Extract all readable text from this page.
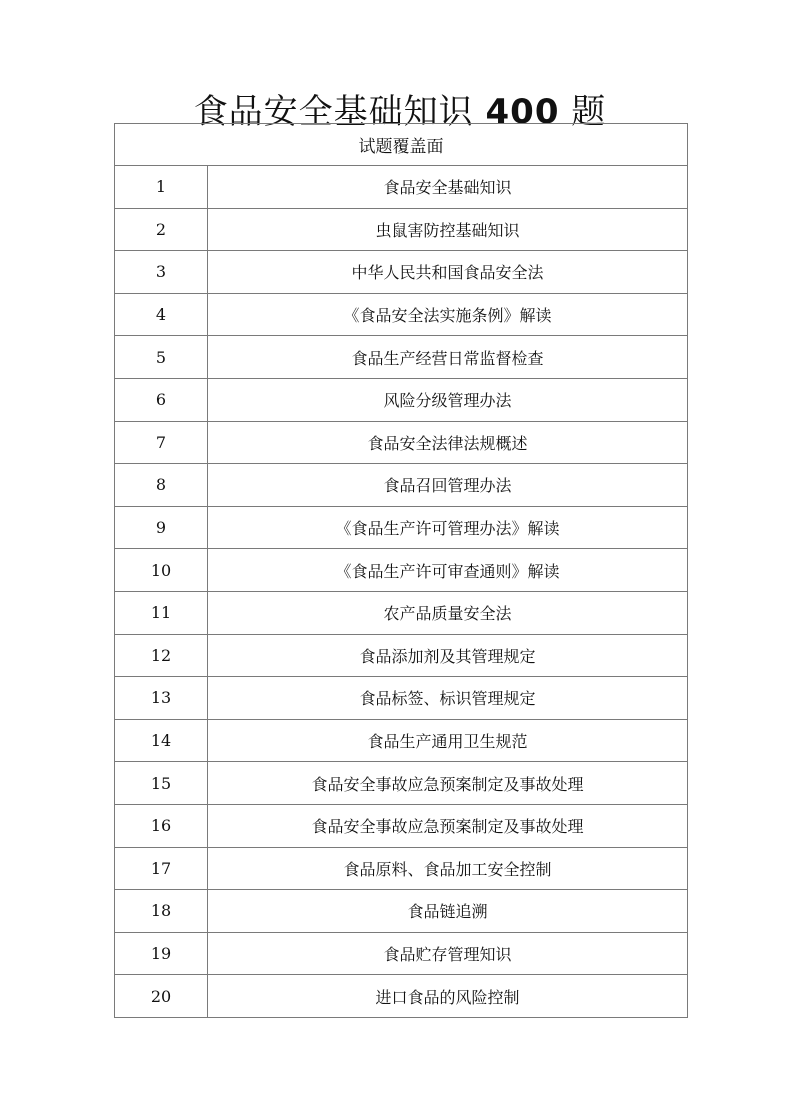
食品安全基础知识 400 题
试题覆盖面	
1	食品安全基础知识
2	虫鼠害防控基础知识
3	中华人民共和国食品安全法
4	《食品安全法实施条例》解读
5	食品生产经营日常监督检查
6	风险分级管理办法
7	食品安全法律法规概述
8	食品召回管理办法
9	《食品生产许可管理办法》解读
10	《食品生产许可审查通则》解读
11	农产品质量安全法
12	食品添加剂及其管理规定
13	食品标签、标识管理规定
14	食品生产通用卫生规范
15	食品安全事故应急预案制定及事故处理
16	食品安全事故应急预案制定及事故处理
17	食品原料、食品加工安全控制
18	食品链追溯
19	食品贮存管理知识
20	进口食品的风险控制
